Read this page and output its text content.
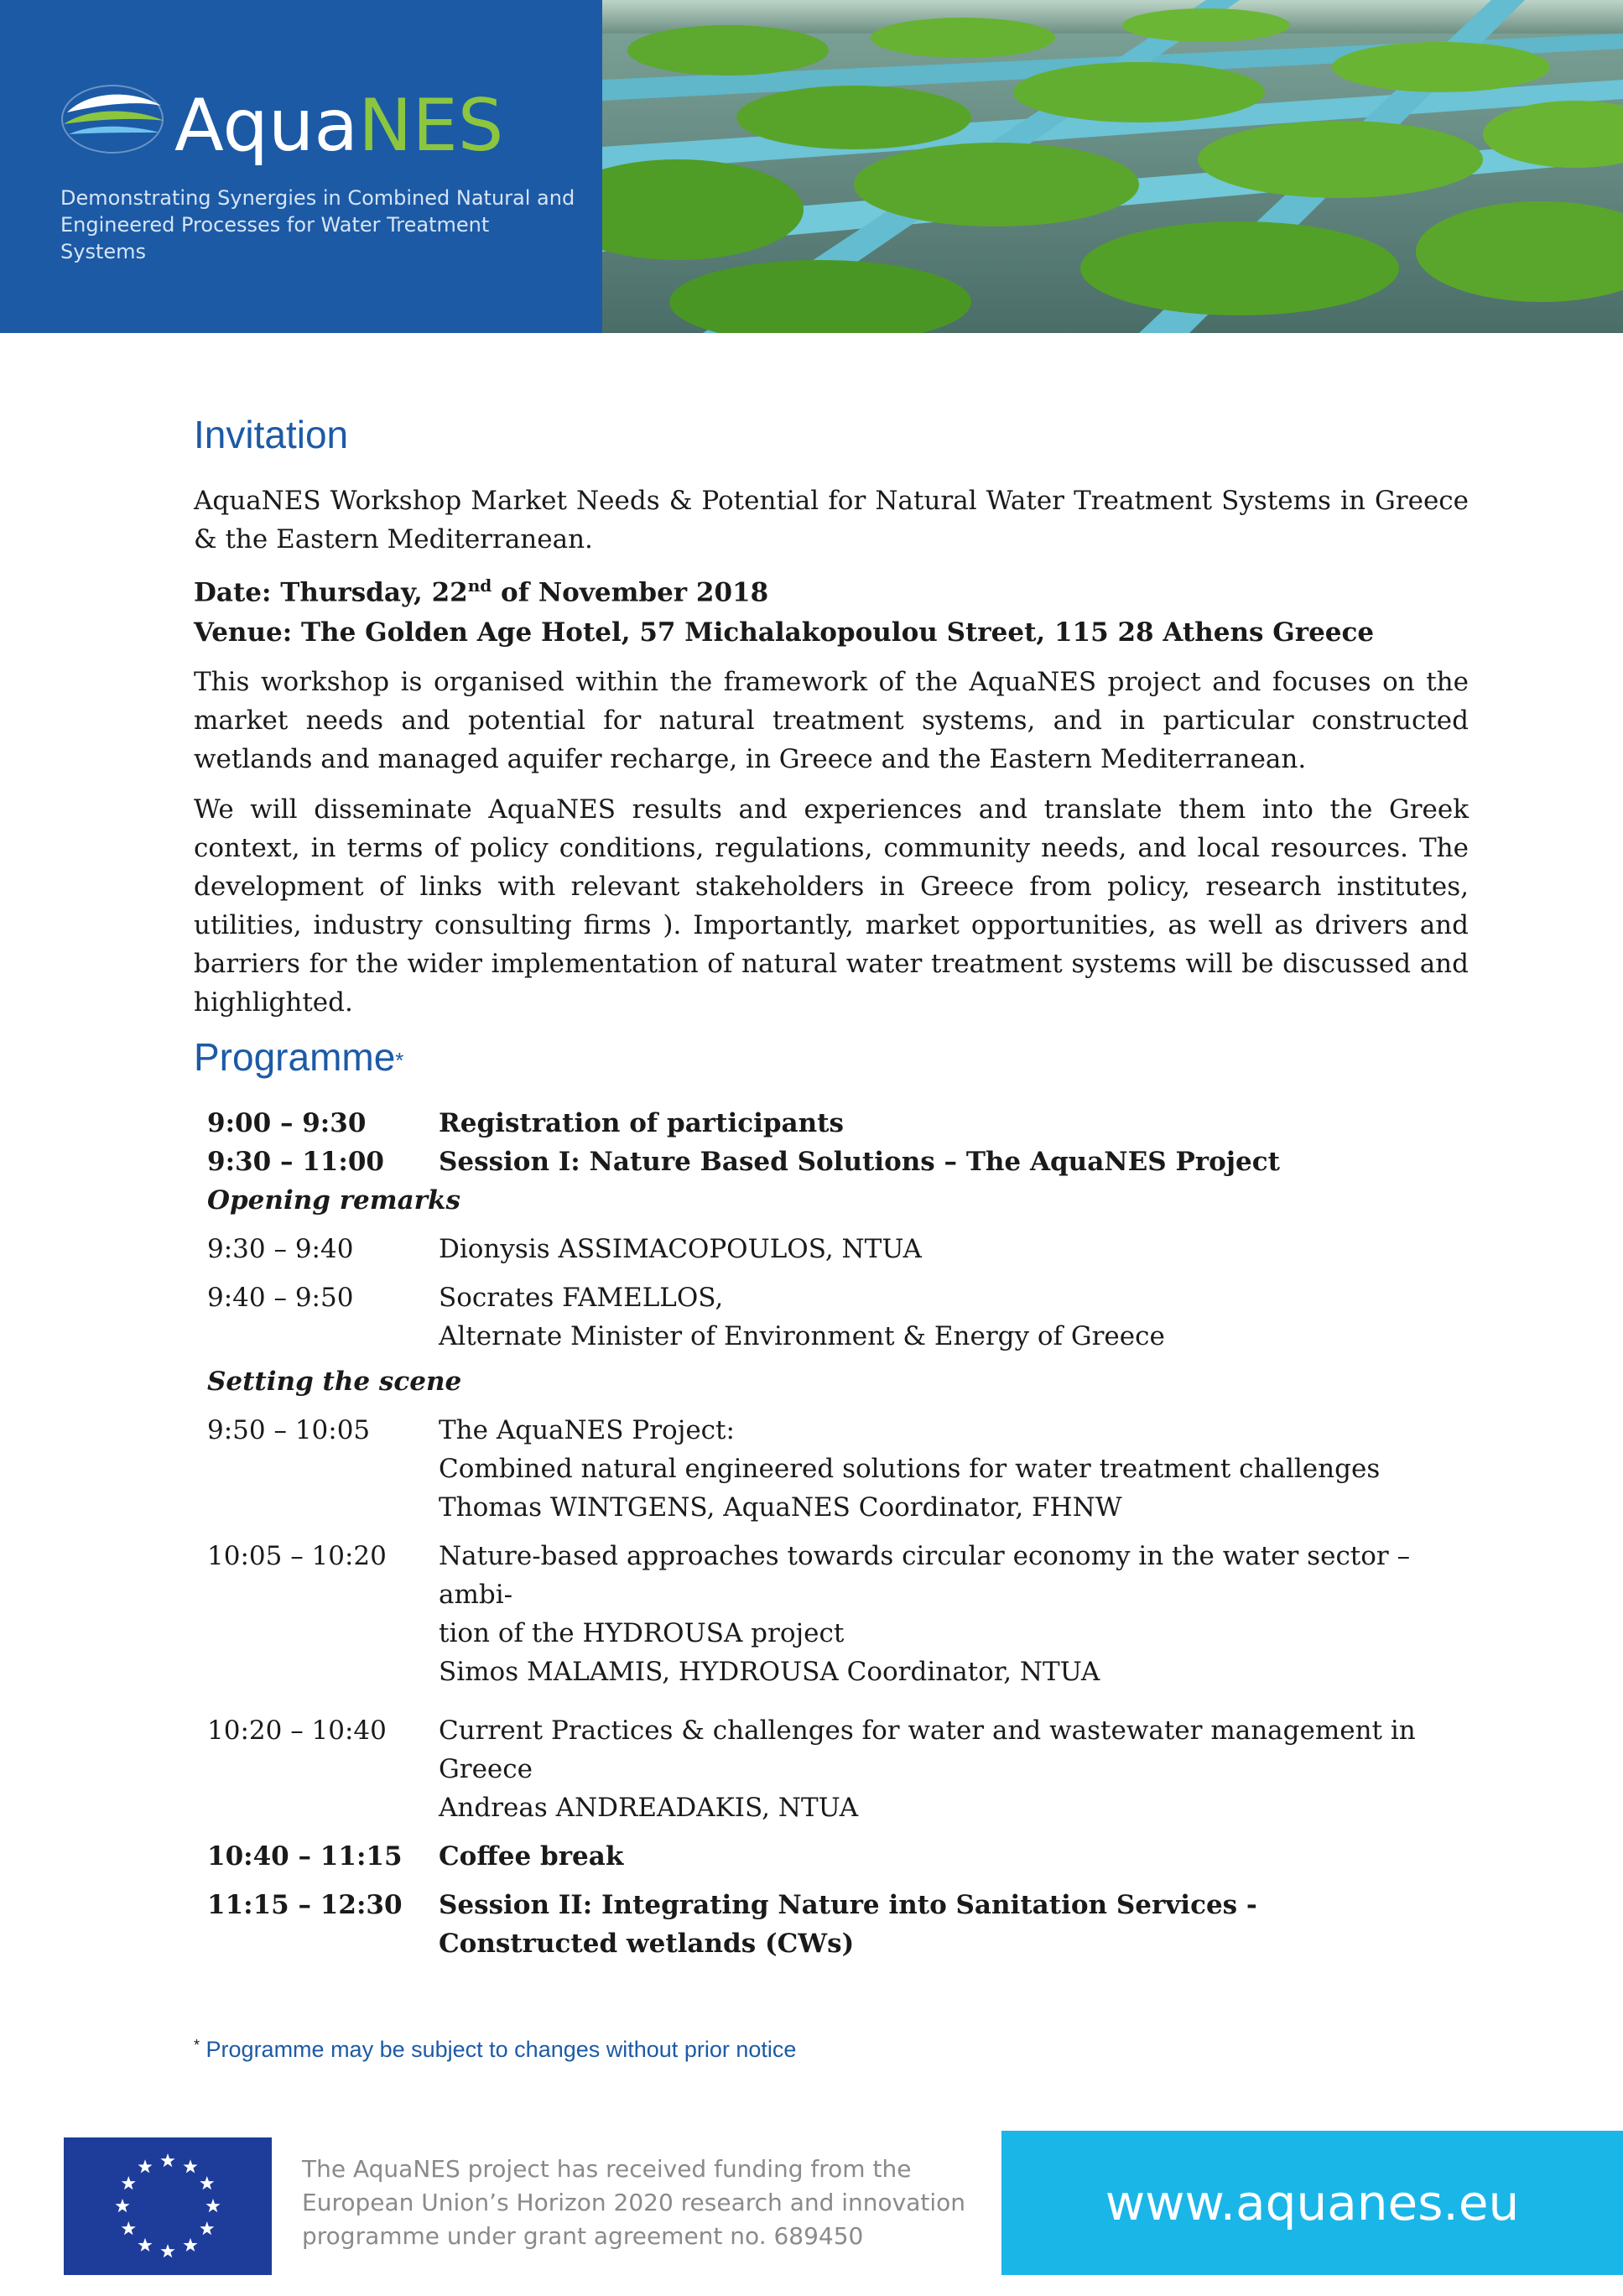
AquaNES
Demonstrating Synergies in Combined Natural and
Engineered Processes for Water Treatment Systems
Invitation

AquaNES Workshop Market Needs & Potential for Natural Water Treatment Systems in Greece & the Eastern Mediterranean.

Date: Thursday, 22nd of November 2018
Venue: The Golden Age Hotel, 57 Michalakopoulou Street, 115 28 Athens Greece

This workshop is organised within the framework of the AquaNES project and focuses on the market needs and potential for natural treatment systems, and in particular constructed wetlands and managed aquifer recharge, in Greece and the Eastern Mediterranean.

We will disseminate AquaNES results and experiences and translate them into the Greek context, in terms of policy conditions, regulations, community needs, and local resources. The development of links with relevant stakeholders in Greece from policy, research institutes, utilities, industry consulting firms ). Importantly, market opportunities, as well as drivers and barriers for the wider implementation of natural water treatment systems will be discussed and highlighted.

Programme*
9:00 – 9:30	Registration of participants
9:30 – 11:00	Session I: Nature Based Solutions – The AquaNES Project
Opening remarks
9:30 – 9:40	Dionysis ASSIMACOPOULOS, NTUA
9:40 – 9:50	Socrates FAMELLOS,
Alternate Minister of Environment & Energy of Greece
Setting the scene
9:50 – 10:05	The AquaNES Project:
Combined natural engineered solutions for water treatment challenges
Thomas WINTGENS, AquaNES Coordinator, FHNW
10:05 – 10:20	Nature-based approaches towards circular economy in the water sector – ambi-
tion of the HYDROUSA project
Simos MALAMIS, HYDROUSA Coordinator, NTUA
10:20 – 10:40	Current Practices & challenges for water and wastewater management in Greece
Andreas ANDREADAKIS, NTUA
10:40 – 11:15	Coffee break
11:15 – 12:30	Session II: Integrating Nature into Sanitation Services -
Constructed wetlands (CWs)
* Programme may be subject to changes without prior notice
The AquaNES project has received funding from the
European Union’s Horizon 2020 research and innovation
programme under grant agreement no. 689450
www.aquanes.eu
